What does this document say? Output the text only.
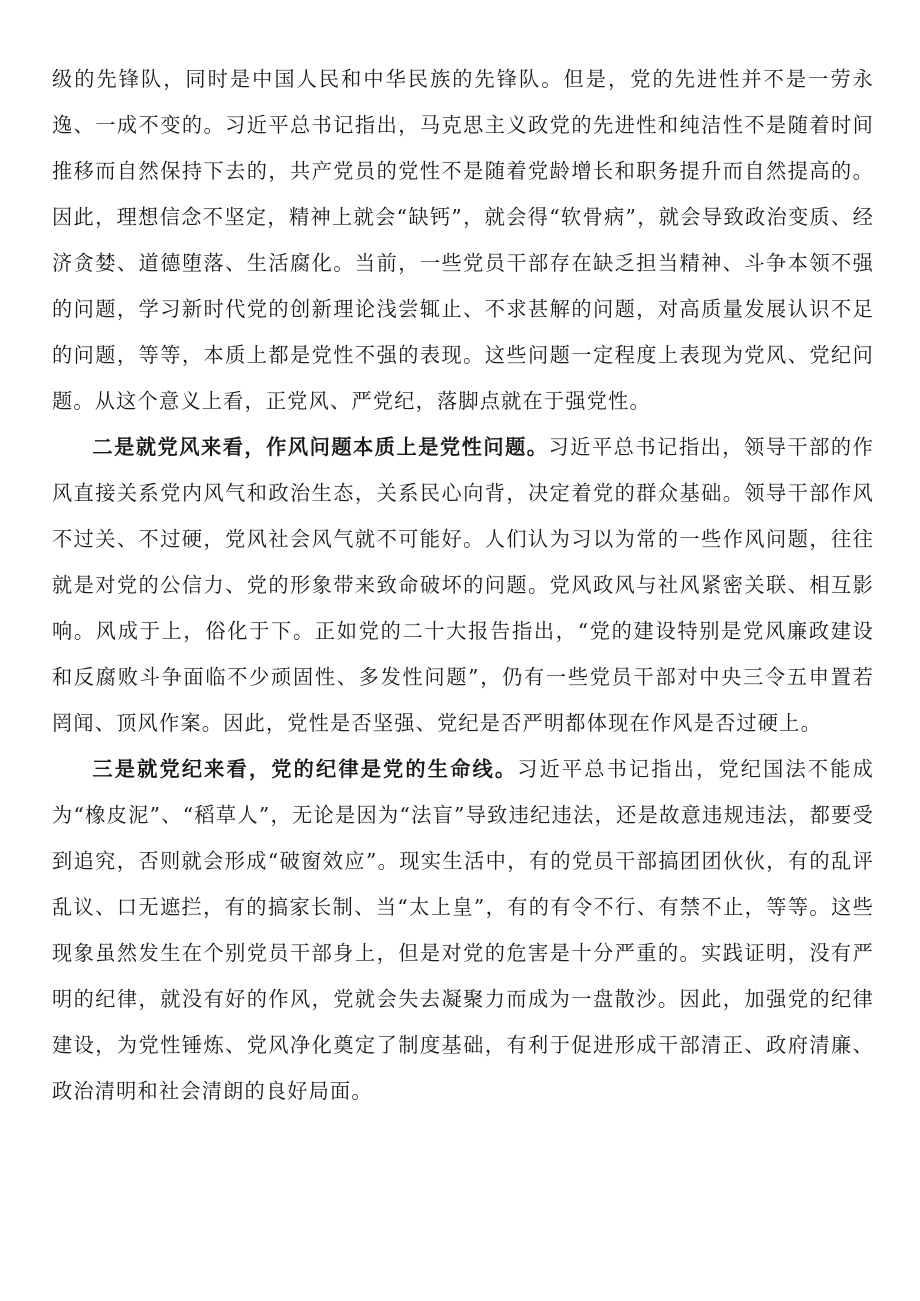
级的先锋队，同时是中国人民和中华民族的先锋队。但是，党的先进性并不是一劳永逸、一成不变的。习近平总书记指出，马克思主义政党的先进性和纯洁性不是随着时间推移而自然保持下去的，共产党员的党性不是随着党龄增长和职务提升而自然提高的。因此，理想信念不坚定，精神上就会“缺钙”，就会得“软骨病”，就会导致政治变质、经济贪婪、道德堕落、生活腐化。当前，一些党员干部存在缺乏担当精神、斗争本领不强的问题，学习新时代党的创新理论浅尝辄止、不求甚解的问题，对高质量发展认识不足的问题，等等，本质上都是党性不强的表现。这些问题一定程度上表现为党风、党纪问题。从这个意义上看，正党风、严党纪，落脚点就在于强党性。

二是就党风来看，作风问题本质上是党性问题。习近平总书记指出，领导干部的作风直接关系党内风气和政治生态，关系民心向背，决定着党的群众基础。领导干部作风不过关、不过硬，党风社会风气就不可能好。人们认为习以为常的一些作风问题，往往就是对党的公信力、党的形象带来致命破坏的问题。党风政风与社风紧密关联、相互影响。风成于上，俗化于下。正如党的二十大报告指出，“党的建设特别是党风廉政建设和反腐败斗争面临不少顽固性、多发性问题”，仍有一些党员干部对中央三令五申置若罔闻、顶风作案。因此，党性是否坚强、党纪是否严明都体现在作风是否过硬上。

三是就党纪来看，党的纪律是党的生命线。习近平总书记指出，党纪国法不能成为“橡皮泥”、“稻草人”，无论是因为“法盲”导致违纪违法，还是故意违规违法，都要受到追究，否则就会形成“破窗效应”。现实生活中，有的党员干部搞团团伙伙，有的乱评乱议、口无遮拦，有的搞家长制、当“太上皇”，有的有令不行、有禁不止，等等。这些现象虽然发生在个别党员干部身上，但是对党的危害是十分严重的。实践证明，没有严明的纪律，就没有好的作风，党就会失去凝聚力而成为一盘散沙。因此，加强党的纪律建设，为党性锤炼、党风净化奠定了制度基础，有利于促进形成干部清正、政府清廉、政治清明和社会清朗的良好局面。
